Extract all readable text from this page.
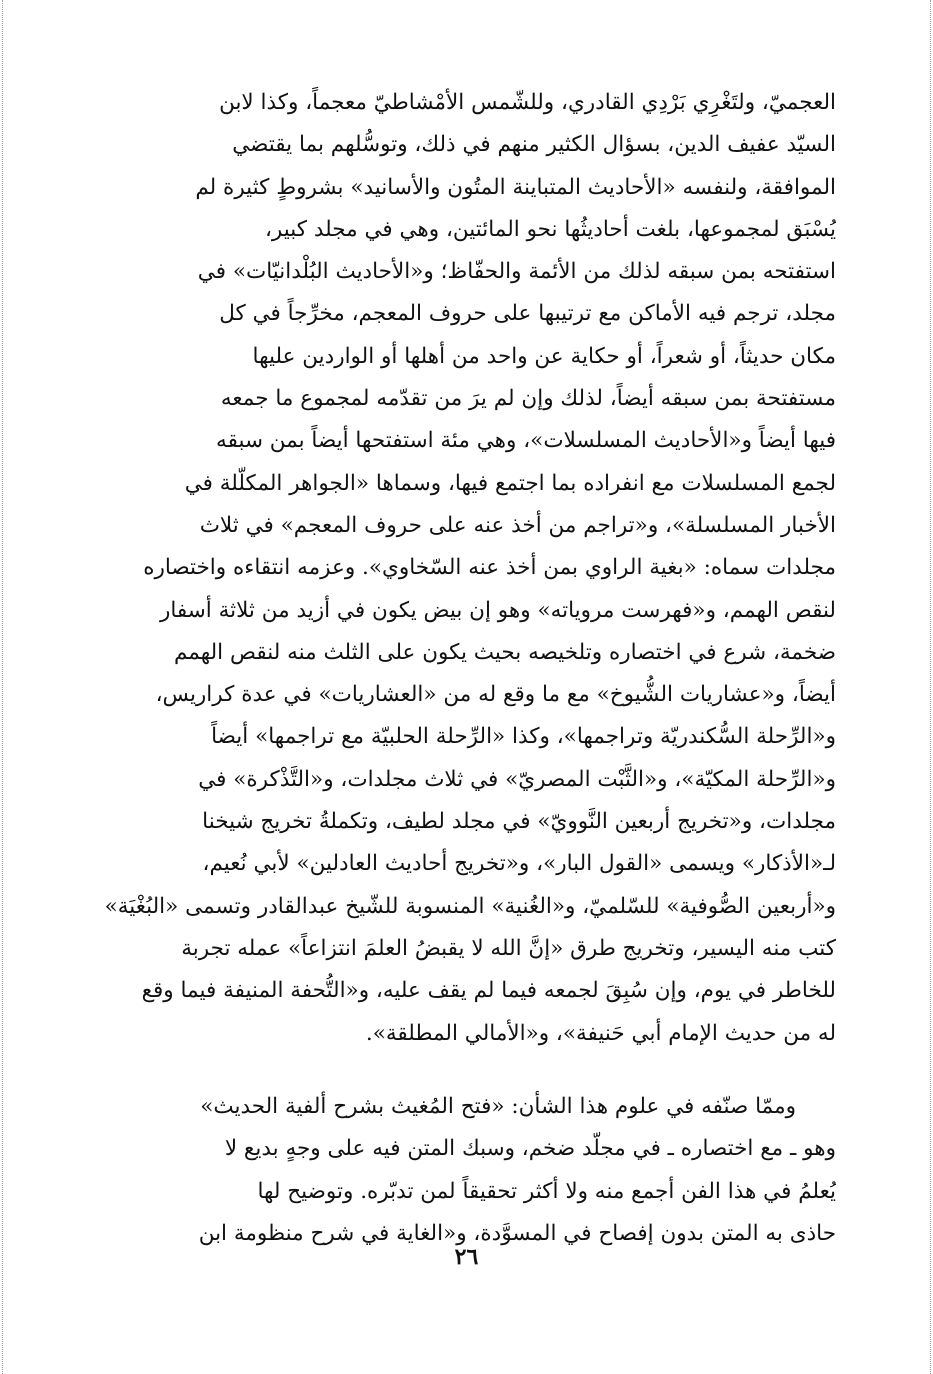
العجميّ، ولتَغْرِي بَرْدِي القادري، وللشّمس الأمْشاطيّ معجماً، وكذا لابن
السيّد عفيف الدين، بسؤال الكثير منهم في ذلك، وتوسُّلهم بما يقتضي
الموافقة، ولنفسه «الأحاديث المتباينة المتُون والأسانيد» بشروطٍ كثيرة لم
يُسْبَق لمجموعها، بلغت أحاديثُها نحو المائتين، وهي في مجلد كبير،
استفتحه بمن سبقه لذلك من الأئمة والحفّاظ؛ و«الأحاديث البُلْدانيّات» في
مجلد، ترجم فيه الأماكن مع ترتيبها على حروف المعجم، مخرِّجاً في كل
مكان حديثاً، أو شعراً، أو حكاية عن واحد من أهلها أو الواردين عليها
مستفتحة بمن سبقه أيضاً، لذلك وإن لم يرَ من تقدّمه لمجموع ما جمعه
فيها أيضاً و«الأحاديث المسلسلات»، وهي مئة استفتحها أيضاً بمن سبقه
لجمع المسلسلات مع انفراده بما اجتمع فيها، وسماها «الجواهر المكلّلة في
الأخبار المسلسلة»، و«تراجم من أخذ عنه على حروف المعجم» في ثلاث
مجلدات سماه: «بغية الراوي بمن أخذ عنه السّخاوي». وعزمه انتقاءه واختصاره
لنقص الهمم، و«فهرست مروياته» وهو إن بيض يكون في أزيد من ثلاثة أسفار
ضخمة، شرع في اختصاره وتلخيصه بحيث يكون على الثلث منه لنقص الهمم
أيضاً، و«عشاريات الشُّيوخ» مع ما وقع له من «العشاريات» في عدة كراريس،
و«الرِّحلة السُّكندريّة وتراجمها»، وكذا «الرِّحلة الحلبيّة مع تراجمها» أيضاً
و«الرِّحلة المكيّة»، و«الثَّبْت المصريّ» في ثلاث مجلدات، و«التَّذْكرة» في
مجلدات، و«تخريج أربعين النَّوويّ» في مجلد لطيف، وتكملةُ تخريج شيخنا
لـ«الأذكار» ويسمى «القول البار»، و«تخريج أحاديث العادلين» لأبي نُعيم،
و«أربعين الصُّوفية» للسّلميّ، و«الغُنية» المنسوبة للشّيخ عبدالقادر وتسمى «البُغْيَة»
كتب منه اليسير، وتخريج طرق «إنَّ الله لا يقبضُ العلمَ انتزاعاً» عمله تجربة
للخاطر في يوم، وإن سُبِقَ لجمعه فيما لم يقف عليه، و«التُّحفة المنيفة فيما وقع
له من حديث الإمام أبي حَنيفة»، و«الأمالي المطلقة».
وممّا صنّفه في علوم هذا الشأن: «فتح المُغيث بشرح ألفية الحديث»
وهو ـ مع اختصاره ـ في مجلّد ضخم، وسبك المتن فيه على وجهٍ بديع لا
يُعلمُ في هذا الفن أجمع منه ولا أكثر تحقيقاً لمن تدبّره. وتوضيح لها
حاذى به المتن بدون إفصاح في المسوَّدة، و«الغاية في شرح منظومة ابن
٢٦
